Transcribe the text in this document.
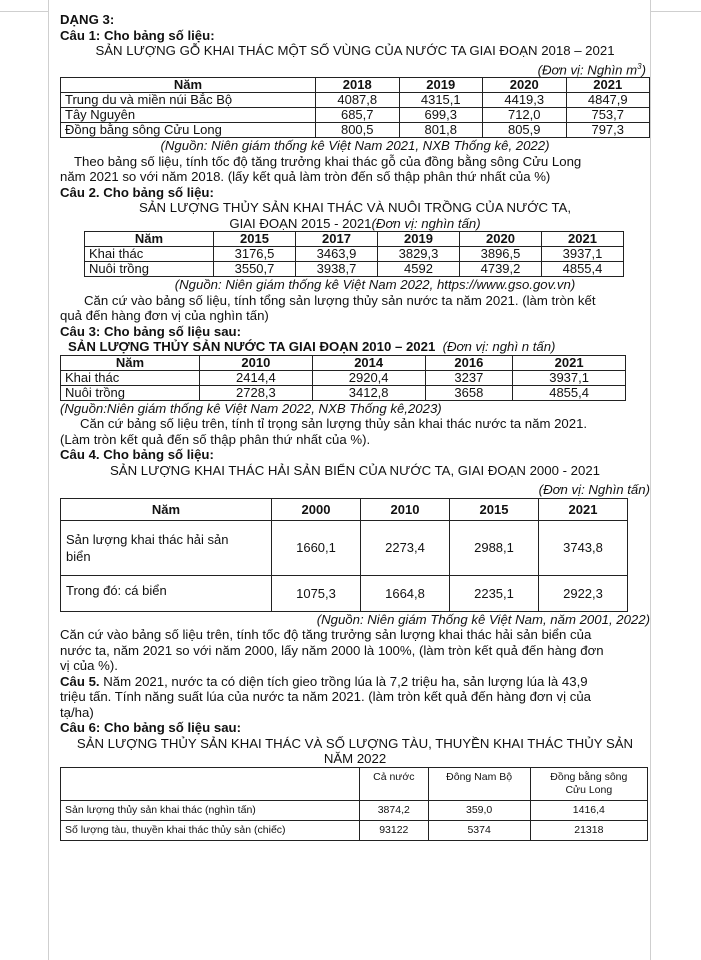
DẠNG 3:

Câu 1: Cho bảng số liệu:

SẢN LƯỢNG GỖ KHAI THÁC MỘT SỐ VÙNG CỦA NƯỚC TA GIAI ĐOẠN 2018 – 2021

(Đơn vị: Nghìn $m^3$)

Năm	2018	2019	2020	2021
Trung du và miền núi Bắc Bộ	4087,8	4315,1	4419,3	4847,9
Tây Nguyên	685,7	699,3	712,0	753,7
Đồng bằng sông Cửu Long	800,5	801,8	805,9	797,3

(Nguồn: Niên giám thống kê Việt Nam 2021, NXB Thống kê, 2022)

Theo bảng số liệu, tính tốc độ tăng trưởng khai thác gỗ của đồng bằng sông Cửu Long

năm 2021 so với năm 2018. (lấy kết quả làm tròn đến số thập phân thứ nhất của %)

Câu 2. Cho bảng số liệu:

SẢN LƯỢNG THỦY SẢN KHAI THÁC VÀ NUÔI TRỒNG CỦA NƯỚC TA,

GIAI ĐOẠN 2015 - 2021(Đơn vị: nghìn tấn)

Năm	2015	2017	2019	2020	2021
Khai thác	3176,5	3463,9	3829,3	3896,5	3937,1
Nuôi trồng	3550,7	3938,7	4592	4739,2	4855,4

(Nguồn: Niên giám thống kê Việt Nam 2022, https://www.gso.gov.vn)

Căn cứ vào bảng số liệu, tính tổng sản lượng thủy sản nước ta năm 2021. (làm tròn kết

quả đến hàng đơn vị của nghìn tấn)

Câu 3: Cho bảng số liệu sau:

SẢN LƯỢNG THỦY SẢN NƯỚC TA GIAI ĐOẠN 2010 – 2021 (Đơn vị: nghì n tấn)

Năm	2010	2014	2016	2021
Khai thác	2414,4	2920,4	3237	3937,1
Nuôi trồng	2728,3	3412,8	3658	4855,4

(Nguồn:Niên giám thống kê Việt Nam 2022, NXB Thống kê,2023)

Căn cứ bảng số liệu trên, tính tỉ trọng sản lượng thủy sản khai thác nước ta năm 2021.

(Làm tròn kết quả đến số thập phân thứ nhất của %).

Câu 4. Cho bảng số liệu:

SẢN LƯỢNG KHAI THÁC HẢI SẢN BIỂN CỦA NƯỚC TA, GIAI ĐOẠN 2000 - 2021

(Đơn vị: Nghìn tấn)

Năm	2000	2010	2015	2021

Sản lượng khai thác hải sản
biển	1660,1	2273,4	2988,1	3743,8
Trong đó: cá biển	1075,3	1664,8	2235,1	2922,3

(Nguồn: Niên giám Thống kê Việt Nam, năm 2001, 2022)

Căn cứ vào bảng số liệu trên, tính tốc độ tăng trưởng sản lượng khai thác hải sản biển của

nước ta, năm 2021 so với năm 2000, lấy năm 2000 là 100%, (làm tròn kết quả đến hàng đơn

vị của %).

Câu 5. Năm 2021, nước ta có diện tích gieo trồng lúa là 7,2 triệu ha, sản lượng lúa là 43,9

triệu tấn. Tính năng suất lúa của nước ta năm 2021. (làm tròn kết quả đến hàng đơn vị của

tạ/ha)

Câu 6: Cho bảng số liệu sau:

SẢN LƯỢNG THỦY SẢN KHAI THÁC VÀ SỐ LƯỢNG TÀU, THUYỀN KHAI THÁC THỦY SẢN

NĂM 2022

	Cả nước	Đông Nam Bộ	Đồng bằng sông
Cửu Long

Sản lượng thủy sản khai thác (nghìn tấn)	3874,2	359,0	1416,4
Số lượng tàu, thuyền khai thác thủy sản (chiếc)	93122	5374	21318
